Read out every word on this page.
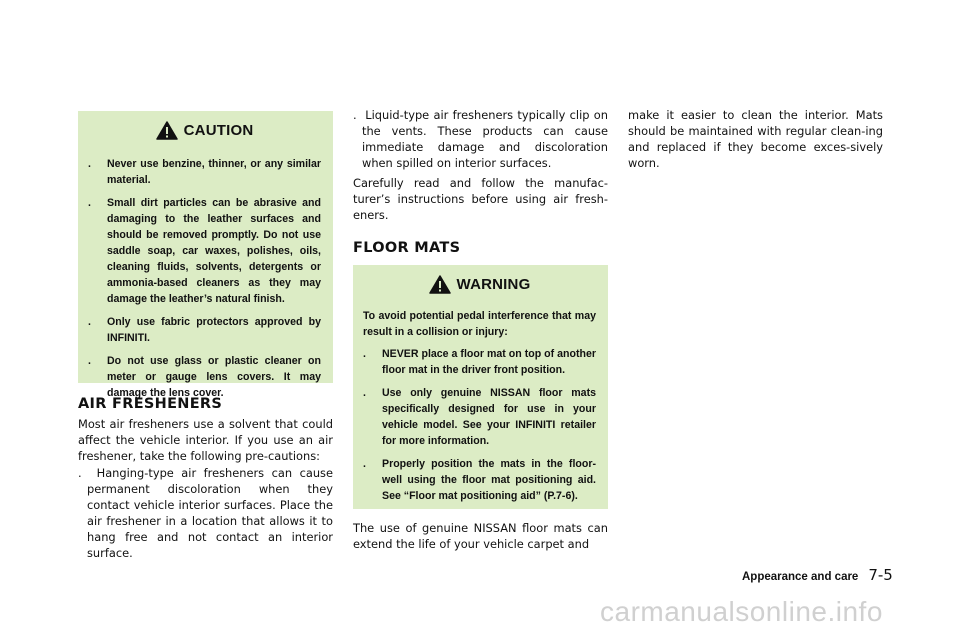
CAUTION
. Never use benzine, thinner, or any similar material.
. Small dirt particles can be abrasive and damaging to the leather surfaces and should be removed promptly. Do not use saddle soap, car waxes, polishes, oils, cleaning fluids, solvents, detergents or ammonia-based cleaners as they may damage the leather’s natural finish.
. Only use fabric protectors approved by INFINITI.
. Do not use glass or plastic cleaner on meter or gauge lens covers. It may damage the lens cover.
AIR FRESHENERS

Most air fresheners use a solvent that could affect the vehicle interior. If you use an air freshener, take the following pre-cautions:

. Hanging-type air fresheners can cause permanent discoloration when they contact vehicle interior surfaces. Place the air freshener in a location that allows it to hang free and not contact an interior surface.
. Liquid-type air fresheners typically clip on the vents. These products can cause immediate damage and discoloration when spilled on interior surfaces.

Carefully read and follow the manufac-turer’s instructions before using air fresh-eners.

FLOOR MATS
WARNING

To avoid potential pedal interference that may result in a collision or injury:

. NEVER place a floor mat on top of another floor mat in the driver front position.
. Use only genuine NISSAN floor mats specifically designed for use in your vehicle model. See your INFINITI retailer for more information.
. Properly position the mats in the floor-well using the floor mat positioning aid. See “Floor mat positioning aid” (P.7-6).

The use of genuine NISSAN floor mats can extend the life of your vehicle carpet and

make it easier to clean the interior. Mats should be maintained with regular clean-ing and replaced if they become exces-sively worn.

Appearance and care 7-5
carmanualsonline.info
